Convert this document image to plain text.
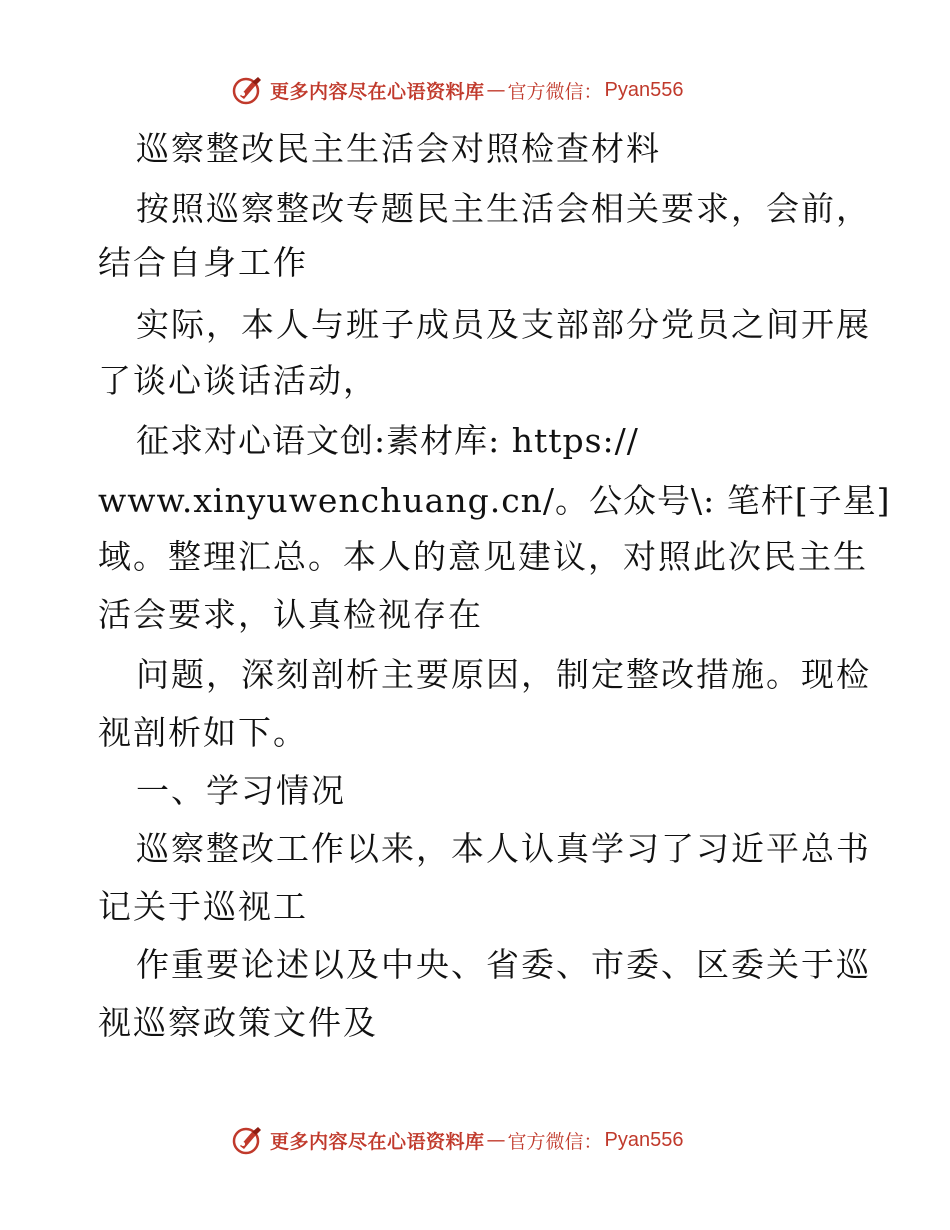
更多内容尽在心语资料库 — 官方微信： Pyan556
巡察整改民主生活会对照检查材料
按照巡察整改专题民主生活会相关要求，会前，
结合自身工作
实际，本人与班子成员及支部部分党员之间开展
了谈心谈话活动，
征求对心语文创:素材库: https://
www.xinyuwenchuang.cn/。公众号\: 笔杆[子星]
域。整理汇总。本人的意见建议，对照此次民主生
活会要求，认真检视存在
问题，深刻剖析主要原因，制定整改措施。现检
视剖析如下。
一、学习情况
巡察整改工作以来，本人认真学习了习近平总书
记关于巡视工
作重要论述以及中央、省委、市委、区委关于巡
视巡察政策文件及
更多内容尽在心语资料库 — 官方微信： Pyan556
